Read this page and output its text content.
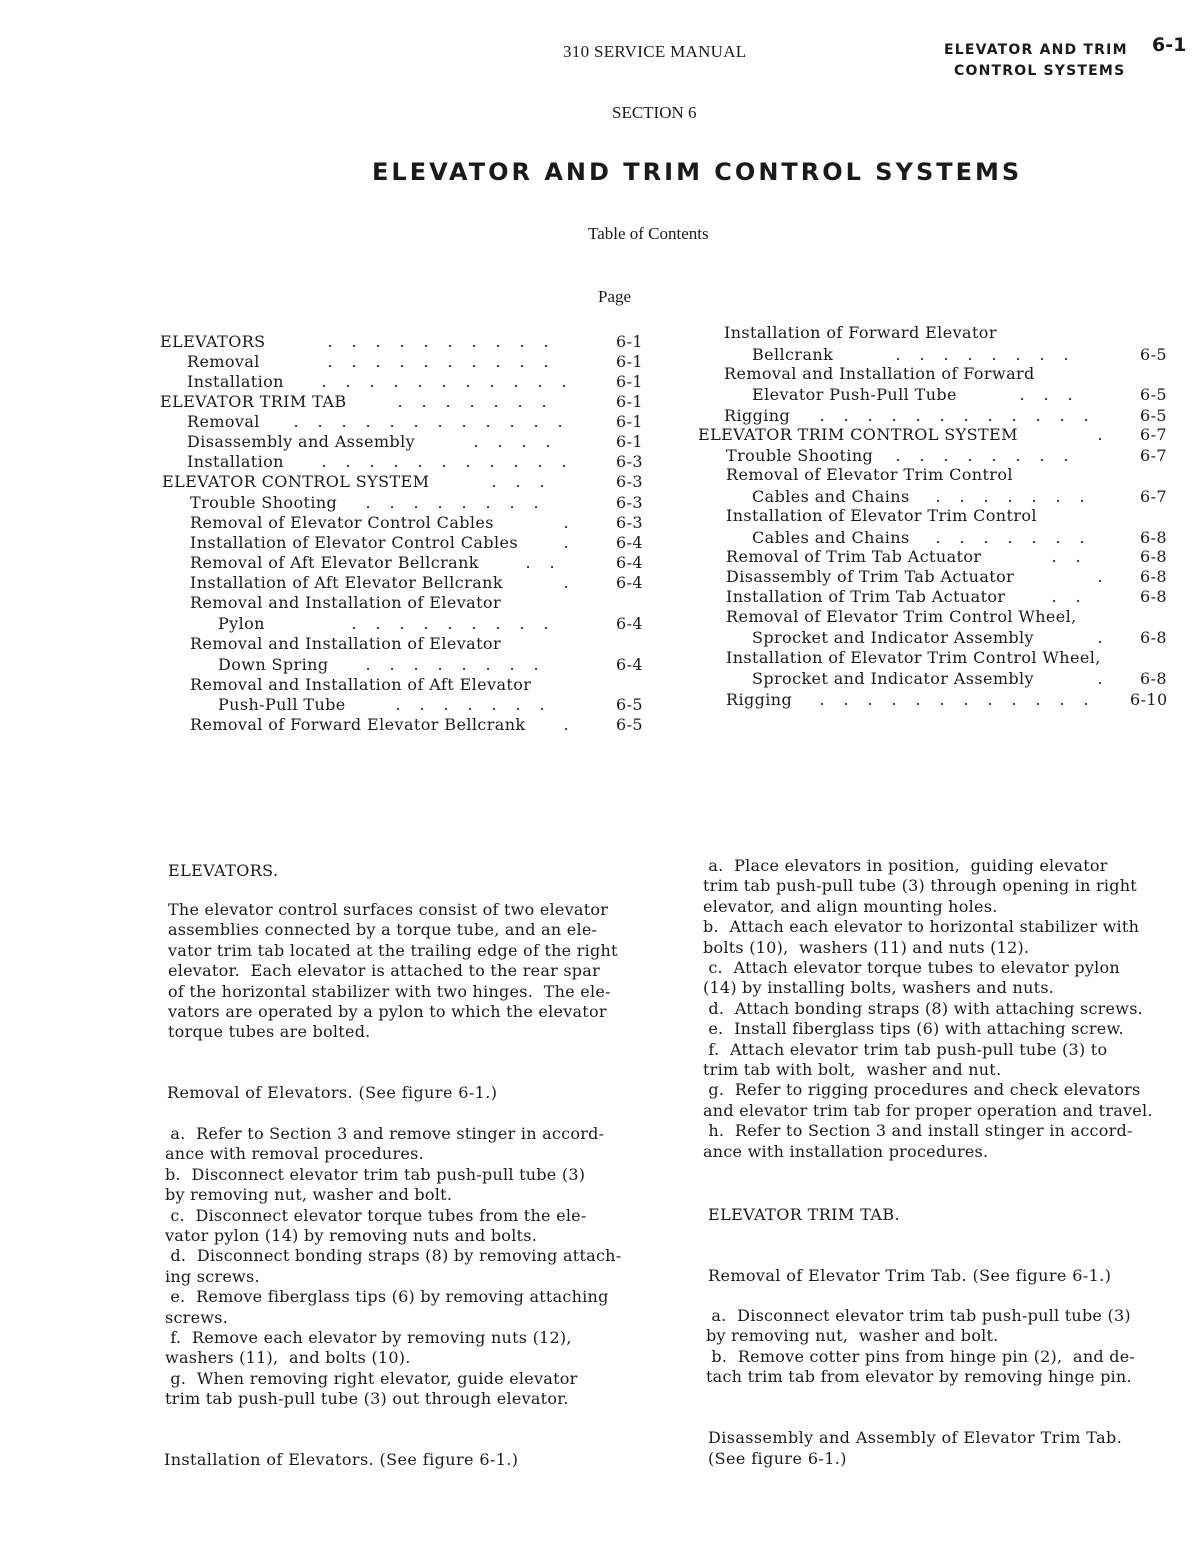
310 SERVICE MANUAL	ELEVATOR AND TRIM
CONTROL SYSTEMS
6-1
SECTION 6
ELEVATOR AND TRIM CONTROL SYSTEMS
Table of Contents
Page
ELEVATORS	. . . . . . . . . .	6-1
Removal	. . . . . . . . . .	6-1
Installation	. . . . . . . . . . .	6-1
ELEVATOR TRIM TAB	. . . . . . .	6-1
Removal	. . . . . . . . . . . .	6-1
Disassembly and Assembly	. . . .	6-1
Installation	. . . . . . . . . . .	6-3
ELEVATOR CONTROL SYSTEM	. . .	6-3
Trouble Shooting	. . . . . . . .	6-3
Removal of Elevator Control Cables	.	6-3
Installation of Elevator Control Cables	.	6-4
Removal of Aft Elevator Bellcrank	. .	6-4
Installation of Aft Elevator Bellcrank	.	6-4
Removal and Installation of Elevator
Pylon	. . . . . . . . .	6-4
Removal and Installation of Elevator
Down Spring	. . . . . . . .	6-4
Removal and Installation of Aft Elevator
Push-Pull Tube	. . . . . . .	6-5
Removal of Forward Elevator Bellcrank	.	6-5
Installation of Forward Elevator
Bellcrank	. . . . . . . .	6-5
Removal and Installation of Forward
Elevator Push-Pull Tube	. . .	6-5
Rigging	. . . . . . . . . . . .	6-5
ELEVATOR TRIM CONTROL SYSTEM	.	6-7
Trouble Shooting	. . . . . . . .	6-7
Removal of Elevator Trim Control
Cables and Chains	. . . . . . .	6-7
Installation of Elevator Trim Control
Cables and Chains	. . . . . . .	6-8
Removal of Trim Tab Actuator	. .	6-8
Disassembly of Trim Tab Actuator	.	6-8
Installation of Trim Tab Actuator	. .	6-8
Removal of Elevator Trim Control Wheel,
Sprocket and Indicator Assembly	.	6-8
Installation of Elevator Trim Control Wheel,
Sprocket and Indicator Assembly	.	6-8
Rigging	. . . . . . . . . . . .	6-10
ELEVATORS.
The elevator control surfaces consist of two elevator
assemblies connected by a torque tube, and an ele-
vator trim tab located at the trailing edge of the right
elevator.  Each elevator is attached to the rear spar
of the horizontal stabilizer with two hinges.  The ele-
vators are operated by a pylon to which the elevator
torque tubes are bolted.
Removal of Elevators. (See figure 6-1.)
a.  Refer to Section 3 and remove stinger in accord-
ance with removal procedures.
b.  Disconnect elevator trim tab push-pull tube (3)
by removing nut, washer and bolt.
c.  Disconnect elevator torque tubes from the ele-
vator pylon (14) by removing nuts and bolts.
d.  Disconnect bonding straps (8) by removing attach-
ing screws.
e.  Remove fiberglass tips (6) by removing attaching
screws.
f.  Remove each elevator by removing nuts (12),
washers (11),  and bolts (10).
g.  When removing right elevator, guide elevator
trim tab push-pull tube (3) out through elevator.
Installation of Elevators. (See figure 6-1.)
a.  Place elevators in position,  guiding elevator
trim tab push-pull tube (3) through opening in right
elevator, and align mounting holes.
b.  Attach each elevator to horizontal stabilizer with
bolts (10),  washers (11) and nuts (12).
c.  Attach elevator torque tubes to elevator pylon
(14) by installing bolts, washers and nuts.
d.  Attach bonding straps (8) with attaching screws.
e.  Install fiberglass tips (6) with attaching screw.
f.  Attach elevator trim tab push-pull tube (3) to
trim tab with bolt,  washer and nut.
g.  Refer to rigging procedures and check elevators
and elevator trim tab for proper operation and travel.
h.  Refer to Section 3 and install stinger in accord-
ance with installation procedures.
ELEVATOR TRIM TAB.
Removal of Elevator Trim Tab. (See figure 6-1.)
a.  Disconnect elevator trim tab push-pull tube (3)
by removing nut,  washer and bolt.
b.  Remove cotter pins from hinge pin (2),  and de-
tach trim tab from elevator by removing hinge pin.
Disassembly and Assembly of Elevator Trim Tab.
(See figure 6-1.)
